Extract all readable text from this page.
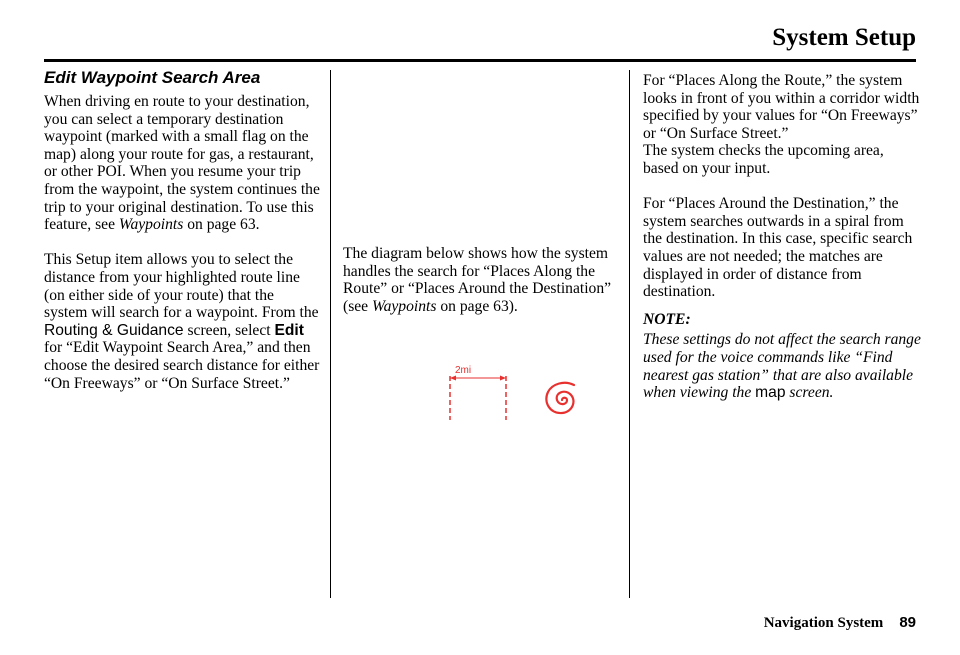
System Setup

Edit Waypoint Search Area

When driving en route to your destination, you can select a temporary destination waypoint (marked with a small flag on the map) along your route for gas, a restaurant, or other POI. When you resume your trip from the waypoint, the system continues the trip to your original destination. To use this feature, see Waypoints on page 63.

This Setup item allows you to select the distance from your highlighted route line (on either side of your route) that the system will search for a waypoint. From the Routing & Guidance screen, select Edit for “Edit Waypoint Search Area,” and then choose the desired search distance for either “On Freeways” or “On Surface Street.”

The diagram below shows how the system handles the search for “Places Along the Route” or “Places Around the Destination” (see Waypoints on page 63).

2mi

For “Places Along the Route,” the system looks in front of you within a corridor width specified by your values for “On Freeways” or “On Surface Street.”

The system checks the upcoming area, based on your input.

For “Places Around the Destination,” the system searches outwards in a spiral from the destination. In this case, specific search values are not needed; the matches are displayed in order of distance from destination.

NOTE:

These settings do not affect the search range used for the voice commands like “Find nearest gas station” that are also available when viewing the map screen.

Navigation System 89
